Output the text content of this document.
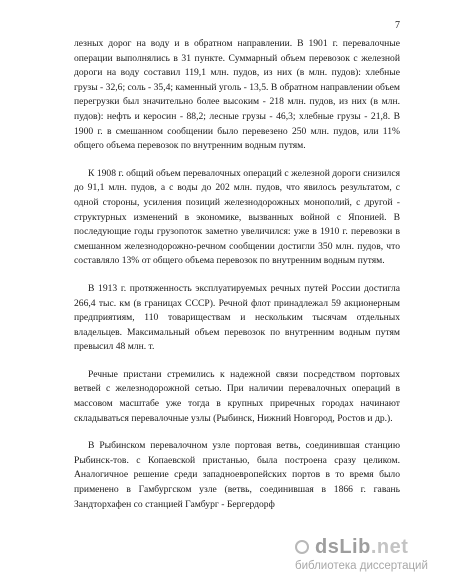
7

лезных дорог на воду и в обратном направлении. В 1901 г. перевалочные операции выполнялись в 31 пункте. Суммарный объем перевозок с железной дороги на воду составил 119,1 млн. пудов, из них (в млн. пудов): хлебные грузы - 32,6; соль - 35,4; каменный уголь - 13,5. В обратном направлении объем перегрузки был значительно более высоким - 218 млн. пудов, из них (в млн. пудов): нефть и керосин - 88,2; лесные грузы - 46,3; хлебные грузы - 21,8. В 1900 г. в смешанном сообщении было перевезено 250 млн. пудов, или 11% общего объема перевозок по внутренним водным путям.

К 1908 г. общий объем перевалочных операций с железной дороги снизился до 91,1 млн. пудов, а с воды до 202 млн. пудов, что явилось результатом, с одной стороны, усиления позиций железнодорожных монополий, с другой - структурных изменений в экономике, вызванных войной с Японией. В последующие годы грузопоток заметно увеличился: уже в 1910 г. перевозки в смешанном железнодорожно-речном сообщении достигли 350 млн. пудов, что составляло 13% от общего объема перевозок по внутренним водным путям.

В 1913 г. протяженность эксплуатируемых речных путей России достигла 266,4 тыс. км (в границах СССР). Речной флот принадлежал 59 акционерным предприятиям, 110 товариществам и нескольким тысячам отдельных владельцев. Максимальный объем перевозок по внутренним водным путям превысил 48 млн. т.

Речные пристани стремились к надежной связи посредством портовых ветвей с железнодорожной сетью. При наличии перевалочных операций в массовом масштабе уже тогда в крупных приречных городах начинают складываться перевалочные узлы (Рыбинск, Нижний Новгород, Ростов и др.).

В Рыбинском перевалочном узле портовая ветвь, соединившая станцию Рыбинск-тов. с Копаевской пристанью, была построена сразу целиком. Аналогичное решение среди западноевропейских портов в то время было применено в Гамбургском узле (ветвь, соединившая в 1866 г. гавань Зандторхафен со станцией Гамбург - Бергердорф

dsLib.net
библиотека диссертаций
